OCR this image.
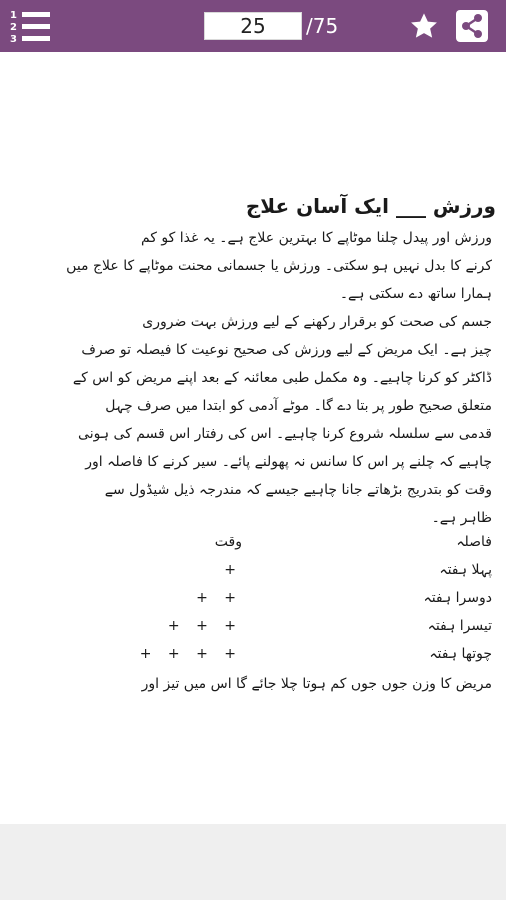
1
2
3
25	/75
ورزش ___ ایک آسان علاج
ورزش اور پیدل چلنا موٹاپے کا بہترین علاج ہے۔ یہ غذا کو کم
کرنے کا بدل نہیں ہو سکتی۔ ورزش یا جسمانی محنت موٹاپے کا علاج میں
ہمارا ساتھ دے سکتی ہے۔
جسم کی صحت کو برقرار رکھنے کے لیے ورزش بہت ضروری
چیز ہے۔ ایک مریض کے لیے ورزش کی صحیح نوعیت کا فیصلہ تو صرف
ڈاکٹر کو کرنا چاہیے۔ وہ مکمل طبی معائنہ کے بعد اپنے مریض کو اس کے
متعلق صحیح طور پر بتا دے گا۔ موٹے آدمی کو ابتدا میں صرف چہل
قدمی سے سلسلہ شروع کرنا چاہیے۔ اس کی رفتار اس قسم کی ہونی
چاہیے کہ چلنے پر اس کا سانس نہ پھولنے پائے۔ سیر کرنے کا فاصلہ اور
وقت کو بتدریج بڑھاتے جانا چاہیے جیسے کہ مندرجہ ذیل شیڈول سے
ظاہر ہے۔
فاصلہ
وقت
پہلا ہفتہ
+
دوسرا ہفتہ
+ +
تیسرا ہفتہ
+ + +
چوتھا ہفتہ
+ + + +
مریض کا وزن جوں جوں کم ہوتا چلا جائے گا اس میں تیز اور
